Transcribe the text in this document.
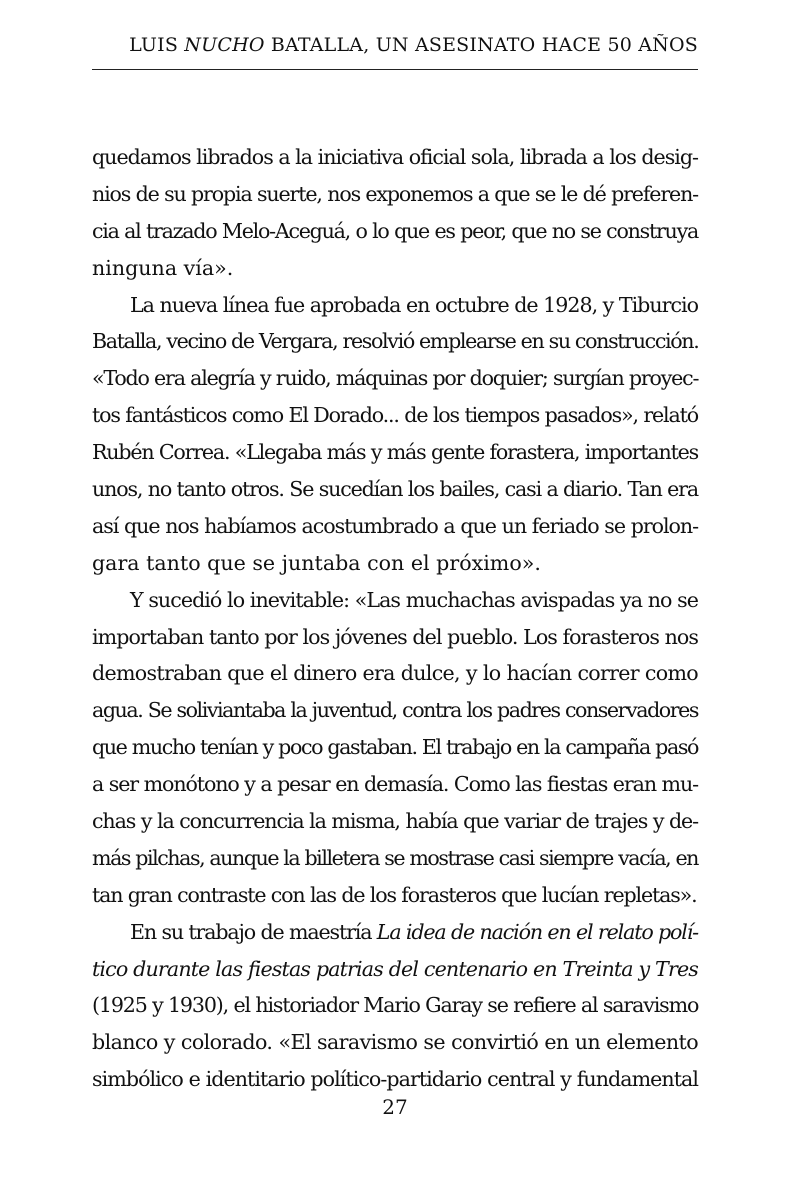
LUIS NUCHO BATALLA, UN ASESINATO HACE 50 AÑOS
quedamos librados a la iniciativa oficial sola, librada a los desig-
nios de su propia suerte, nos exponemos a que se le dé preferen-
cia al trazado Melo-Aceguá, o lo que es peor, que no se construya
ninguna vía».
La nueva línea fue aprobada en octubre de 1928, y Tiburcio
Batalla, vecino de Vergara, resolvió emplearse en su construcción.
«Todo era alegría y ruido, máquinas por doquier; surgían proyec-
tos fantásticos como El Dorado... de los tiempos pasados», relató
Rubén Correa. «Llegaba más y más gente forastera, importantes
unos, no tanto otros. Se sucedían los bailes, casi a diario. Tan era
así que nos habíamos acostumbrado a que un feriado se prolon-
gara tanto que se juntaba con el próximo».
Y sucedió lo inevitable: «Las muchachas avispadas ya no se
importaban tanto por los jóvenes del pueblo. Los forasteros nos
demostraban que el dinero era dulce, y lo hacían correr como
agua. Se soliviantaba la juventud, contra los padres conservadores
que mucho tenían y poco gastaban. El trabajo en la campaña pasó
a ser monótono y a pesar en demasía. Como las fiestas eran mu-
chas y la concurrencia la misma, había que variar de trajes y de-
más pilchas, aunque la billetera se mostrase casi siempre vacía, en
tan gran contraste con las de los forasteros que lucían repletas».
En su trabajo de maestría La idea de nación en el relato polí-
tico durante las fiestas patrias del centenario en Treinta y Tres
(1925 y 1930), el historiador Mario Garay se refiere al saravismo
blanco y colorado. «El saravismo se convirtió en un elemento
simbólico e identitario político-partidario central y fundamental
27
